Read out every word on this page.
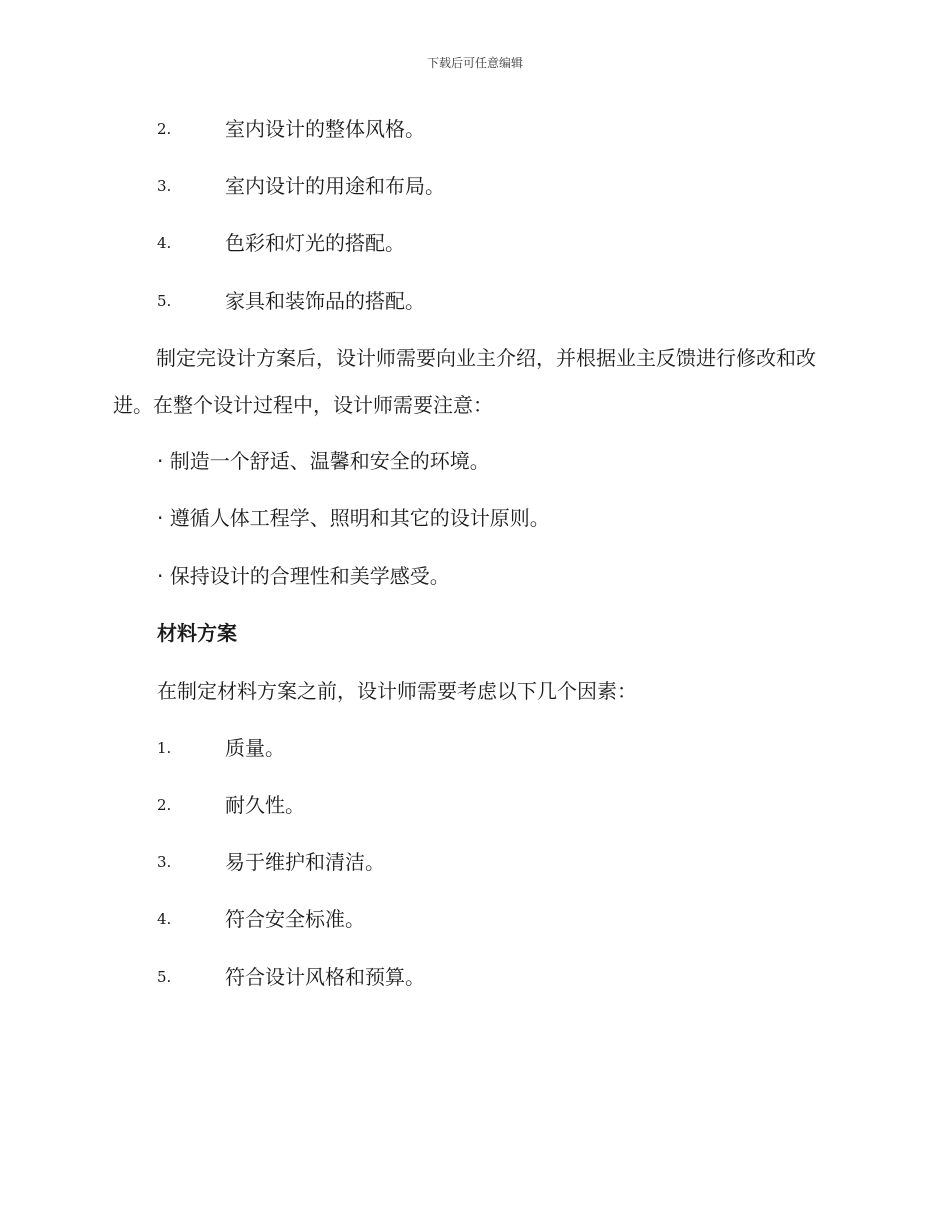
下载后可任意编辑
2.	室内设计的整体风格。
3.	室内设计的用途和布局。
4.	色彩和灯光的搭配。
5.	家具和装饰品的搭配。
制定完设计方案后，设计师需要向业主介绍，并根据业主反馈进行修改和改进。在整个设计过程中，设计师需要注意：
· 制造一个舒适、温馨和安全的环境。
· 遵循人体工程学、照明和其它的设计原则。
· 保持设计的合理性和美学感受。
材料方案
在制定材料方案之前，设计师需要考虑以下几个因素：
1.	质量。
2.	耐久性。
3.	易于维护和清洁。
4.	符合安全标准。
5.	符合设计风格和预算。
